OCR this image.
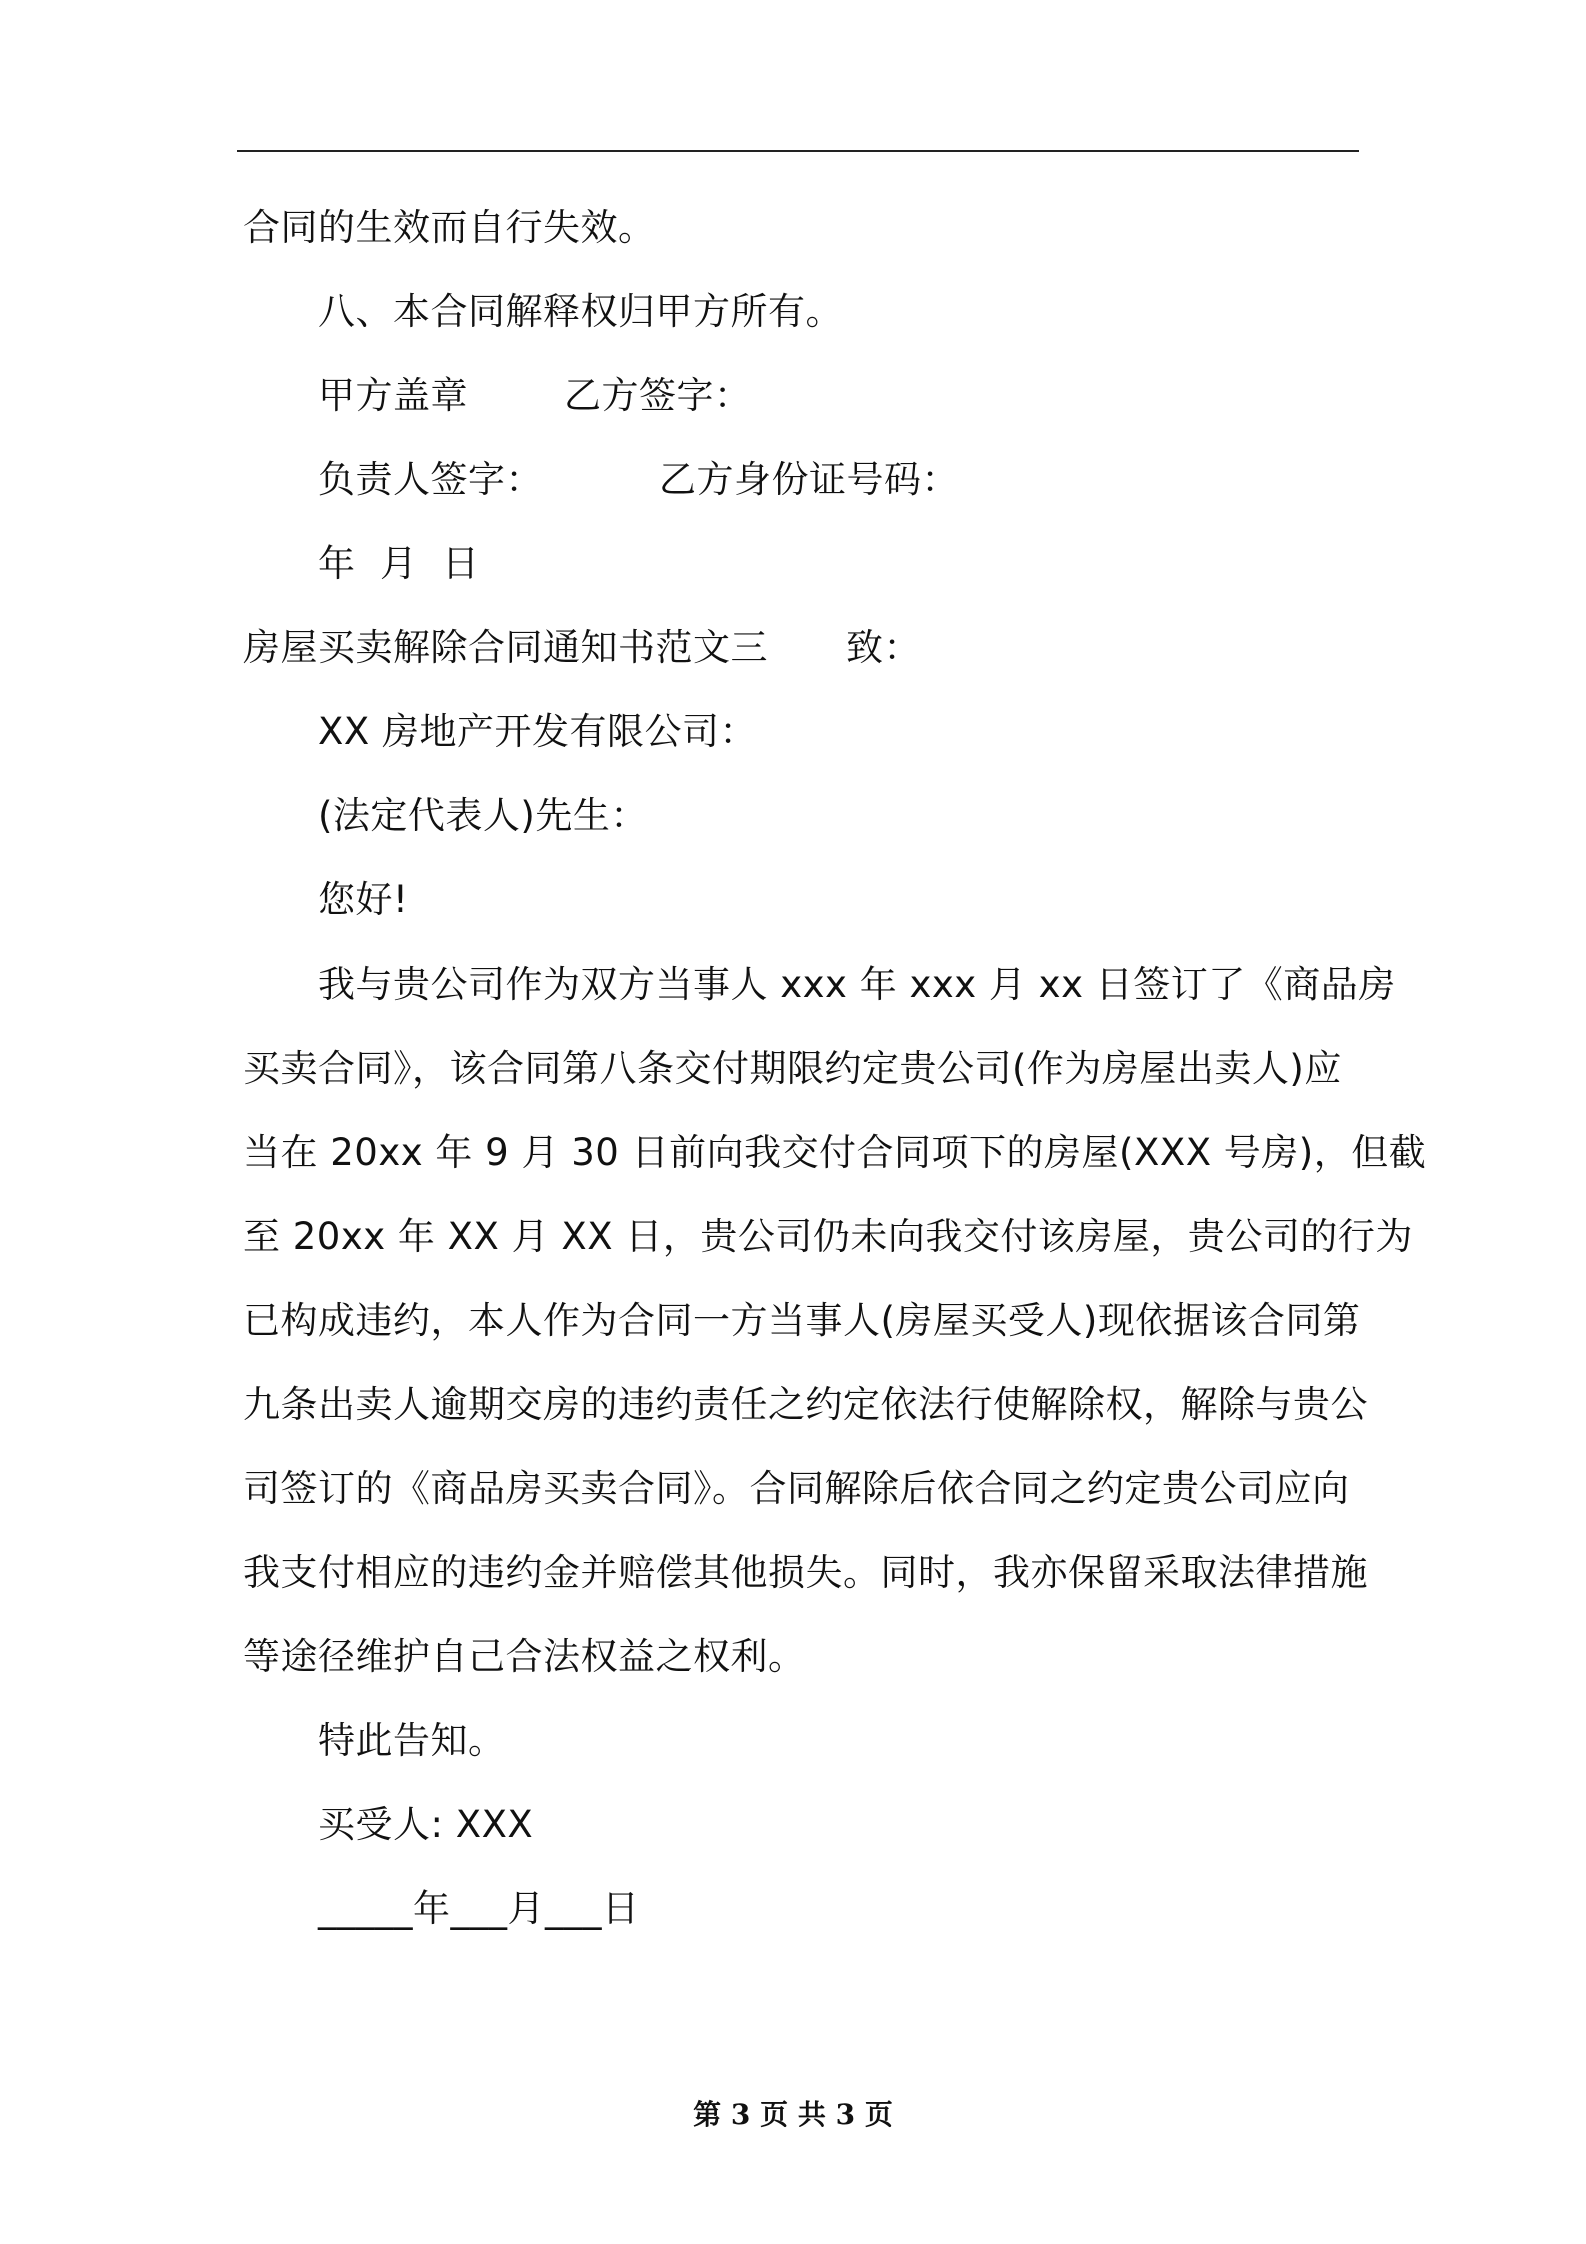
合同的生效而自行失效。
八、本合同解释权归甲方所有。
甲方盖章	乙方签字：
负责人签字：	乙方身份证号码：
年  月  日
房屋买卖解除合同通知书范文三 致：
XX 房地产开发有限公司：
(法定代表人)先生：
您好!
我与贵公司作为双方当事人 xxx 年 xxx 月 xx 日签订了《商品房
买卖合同》，该合同第八条交付期限约定贵公司(作为房屋出卖人)应
当在 20xx 年 9 月 30 日前向我交付合同项下的房屋(XXX 号房)，但截
至 20xx 年 XX 月 XX 日，贵公司仍未向我交付该房屋，贵公司的行为
已构成违约，本人作为合同一方当事人(房屋买受人)现依据该合同第
九条出卖人逾期交房的违约责任之约定依法行使解除权，解除与贵公
司签订的《商品房买卖合同》。合同解除后依合同之约定贵公司应向
我支付相应的违约金并赔偿其他损失。同时，我亦保留采取法律措施
等途径维护自己合法权益之权利。
特此告知。
买受人: XXX
_____年___月___日
第 3 页 共 3 页
